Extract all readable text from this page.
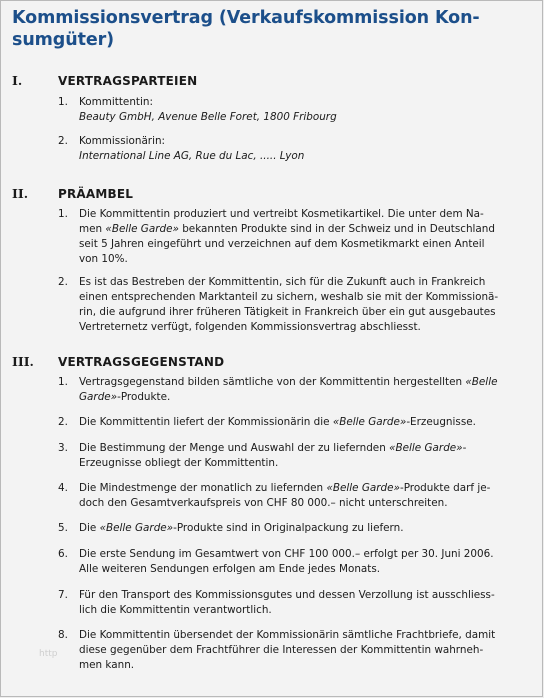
Kommissionsvertrag (Verkaufskommission Kon-
sumgüter)
I.	VERTRAGSPARTEIEN
1. Kommittentin:
Beauty GmbH, Avenue Belle Foret, 1800 Fribourg
2. Kommissionärin:
International Line AG, Rue du Lac, ..... Lyon
II. PRÄAMBEL
1. Die Kommittentin produziert und vertreibt Kosmetikartikel. Die unter dem Na-
men «Belle Garde» bekannten Produkte sind in der Schweiz und in Deutschland
seit 5 Jahren eingeführt und verzeichnen auf dem Kosmetikmarkt einen Anteil
von 10%.
2. Es ist das Bestreben der Kommittentin, sich für die Zukunft auch in Frankreich
einen entsprechenden Marktanteil zu sichern, weshalb sie mit der Kommissionä-
rin, die aufgrund ihrer früheren Tätigkeit in Frankreich über ein gut ausgebautes
Vertreternetz verfügt, folgenden Kommissionsvertrag abschliesst.
III. VERTRAGSGEGENSTAND
1. Vertragsgegenstand bilden sämtliche von der Kommittentin hergestellten «Belle
Garde»-Produkte.
2. Die Kommittentin liefert der Kommissionärin die «Belle Garde»-Erzeugnisse.
3. Die Bestimmung der Menge und Auswahl der zu liefernden «Belle Garde»-
Erzeugnisse obliegt der Kommittentin.
4. Die Mindestmenge der monatlich zu liefernden «Belle Garde»-Produkte darf je-
doch den Gesamtverkaufspreis von CHF 80 000.– nicht unterschreiten.
5. Die «Belle Garde»-Produkte sind in Originalpackung zu liefern.
6. Die erste Sendung im Gesamtwert von CHF 100 000.– erfolgt per 30. Juni 2006.
Alle weiteren Sendungen erfolgen am Ende jedes Monats.
7. Für den Transport des Kommissionsgutes und dessen Verzollung ist ausschliess-
lich die Kommittentin verantwortlich.
8. Die Kommittentin übersendet der Kommissionärin sämtliche Frachtbriefe, damit
diese gegenüber dem Frachtführer die Interessen der Kommittentin wahrneh-
men kann.
http
